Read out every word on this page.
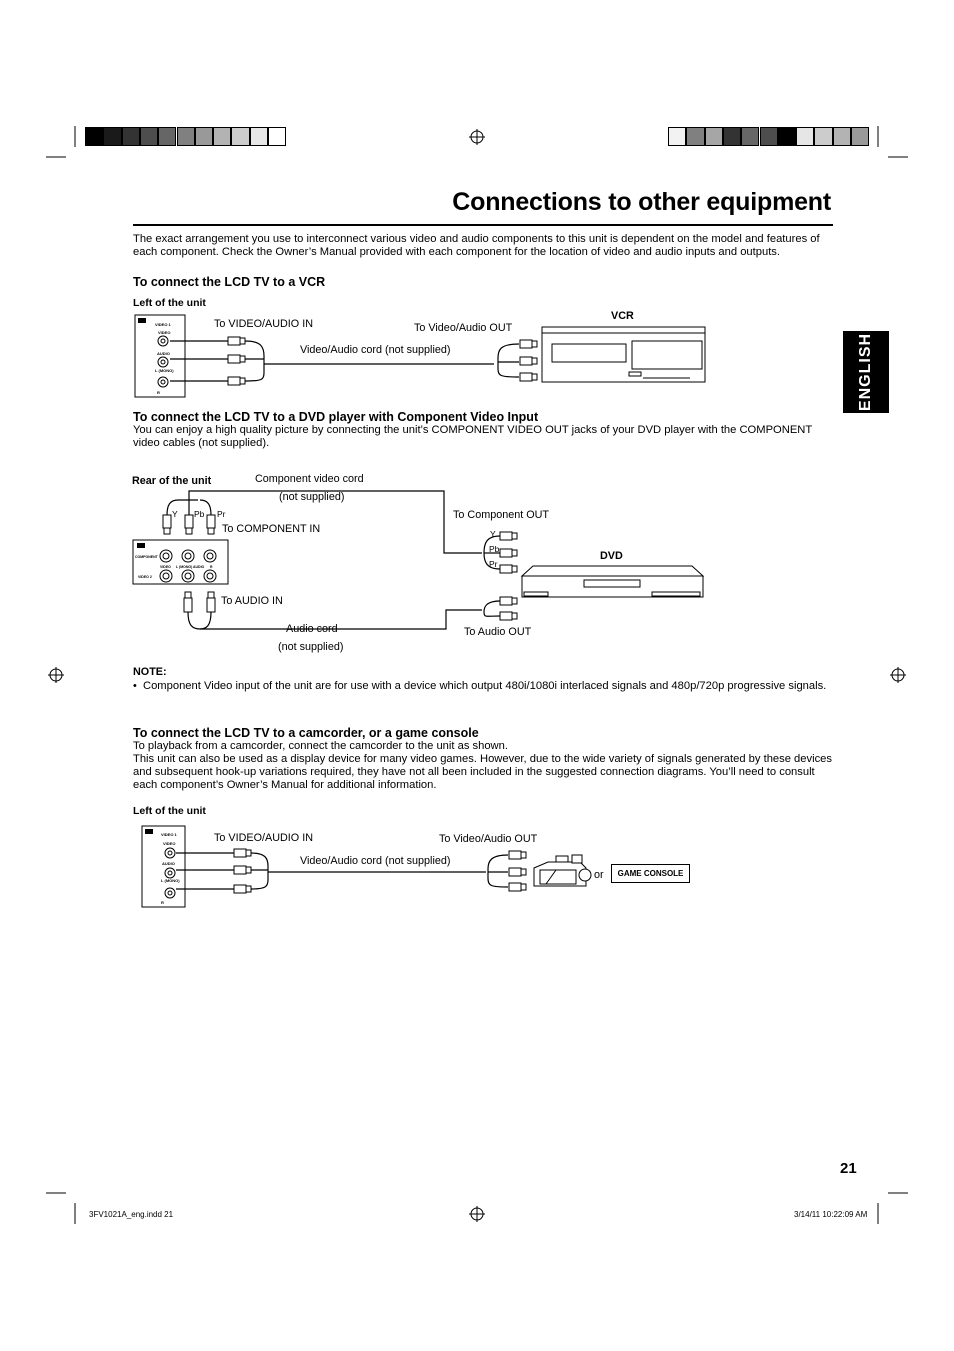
Connections to other equipment
The exact arrangement you use to interconnect various video and audio components to this unit is dependent on the model and features of each component. Check the Owner’s Manual provided with each component for the location of video and audio inputs and outputs.
ENGLISH
To connect the LCD TV to a VCR
Left of the unit
VCR
To VIDEO/AUDIO IN	To Video/Audio OUT
Video/Audio cord (not supplied)
To connect the LCD TV to a DVD player with Component Video Input
You can enjoy a high quality picture by connecting the unit’s COMPONENT VIDEO OUT jacks of your DVD player with the COMPONENT video cables (not supplied).
Rear of the unit	Component video cord
(not supplied)
To COMPONENT IN
To Component OUT
To AUDIO IN
Audio cord
(not supplied)
To Audio OUT
DVD
Y Pb Pr
Y
Pb
Pr
NOTE:
• Component Video input of the unit are for use with a device which output 480i/1080i interlaced signals and 480p/720p progressive signals.
To connect the LCD TV to a camcorder, or a game console
To playback from a camcorder, connect the camcorder to the unit as shown.
This unit can also be used as a display device for many video games. However, due to the wide variety of signals generated by these devices and subsequent hook-up variations required, they have not all been included in the suggested connection diagrams. You’ll need to consult each component’s Owner’s Manual for additional information.
Left of the unit
To VIDEO/AUDIO IN	To Video/Audio OUT
Video/Audio cord (not supplied)
or	GAME CONSOLE
21
3FV1021A_eng.indd 21	3/14/11 10:22:09 AM
VIDEO 1
VIDEO
AUDIO
L (MONO)
R
COMPONENT
VIDEO 2
VIDEO L (MONO) AUDIO R
VIDEO 1
VIDEO
AUDIO
L (MONO)
R
